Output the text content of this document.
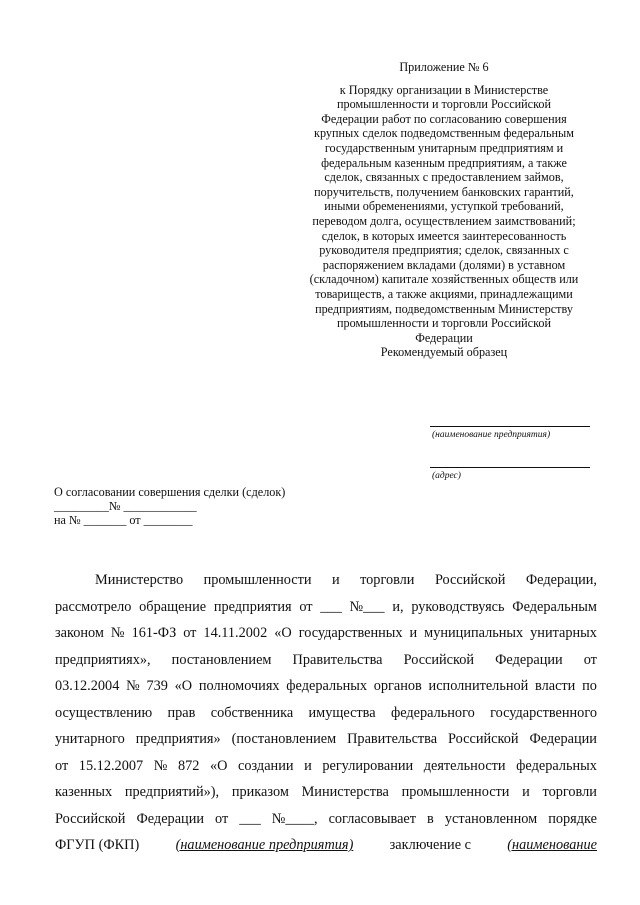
Приложение № 6
к Порядку организации в Министерстве
промышленности и торговли Российской
Федерации работ по согласованию совершения
крупных сделок подведомственным федеральным
государственным унитарным предприятиям и
федеральным казенным предприятиям, а также
сделок, связанных с предоставлением займов,
поручительств, получением банковских гарантий,
иными обременениями, уступкой требований,
переводом долга, осуществлением заимствований;
сделок, в которых имеется заинтересованность
руководителя предприятия; сделок, связанных с
распоряжением вкладами (долями) в уставном
(складочном) капитале хозяйственных обществ или
товариществ, а также акциями, принадлежащими
предприятиям, подведомственным Министерству
промышленности и торговли Российской
Федерации
Рекомендуемый образец
(наименование предприятия)
(адрес)
О согласовании совершения сделки (сделок)
_________№ ____________
на № _______ от ________
Министерство промышленности и торговли Российской Федерации,
рассмотрело обращение предприятия от ___ №___ и, руководствуясь Федеральным
законом № 161-ФЗ от 14.11.2002 «О государственных и муниципальных унитарных
предприятиях», постановлением Правительства Российской Федерации от
03.12.2004 № 739 «О полномочиях федеральных органов исполнительной власти по
осуществлению прав собственника имущества федерального государственного
унитарного предприятия» (постановлением Правительства Российской Федерации
от 15.12.2007 № 872 «О создании и регулировании деятельности федеральных
казенных предприятий»), приказом Министерства промышленности и торговли
Российской Федерации от ___ №____, согласовывает в установленном порядке
ФГУП (ФКП)	(наименование предприятия)	заключение с	(наименование
